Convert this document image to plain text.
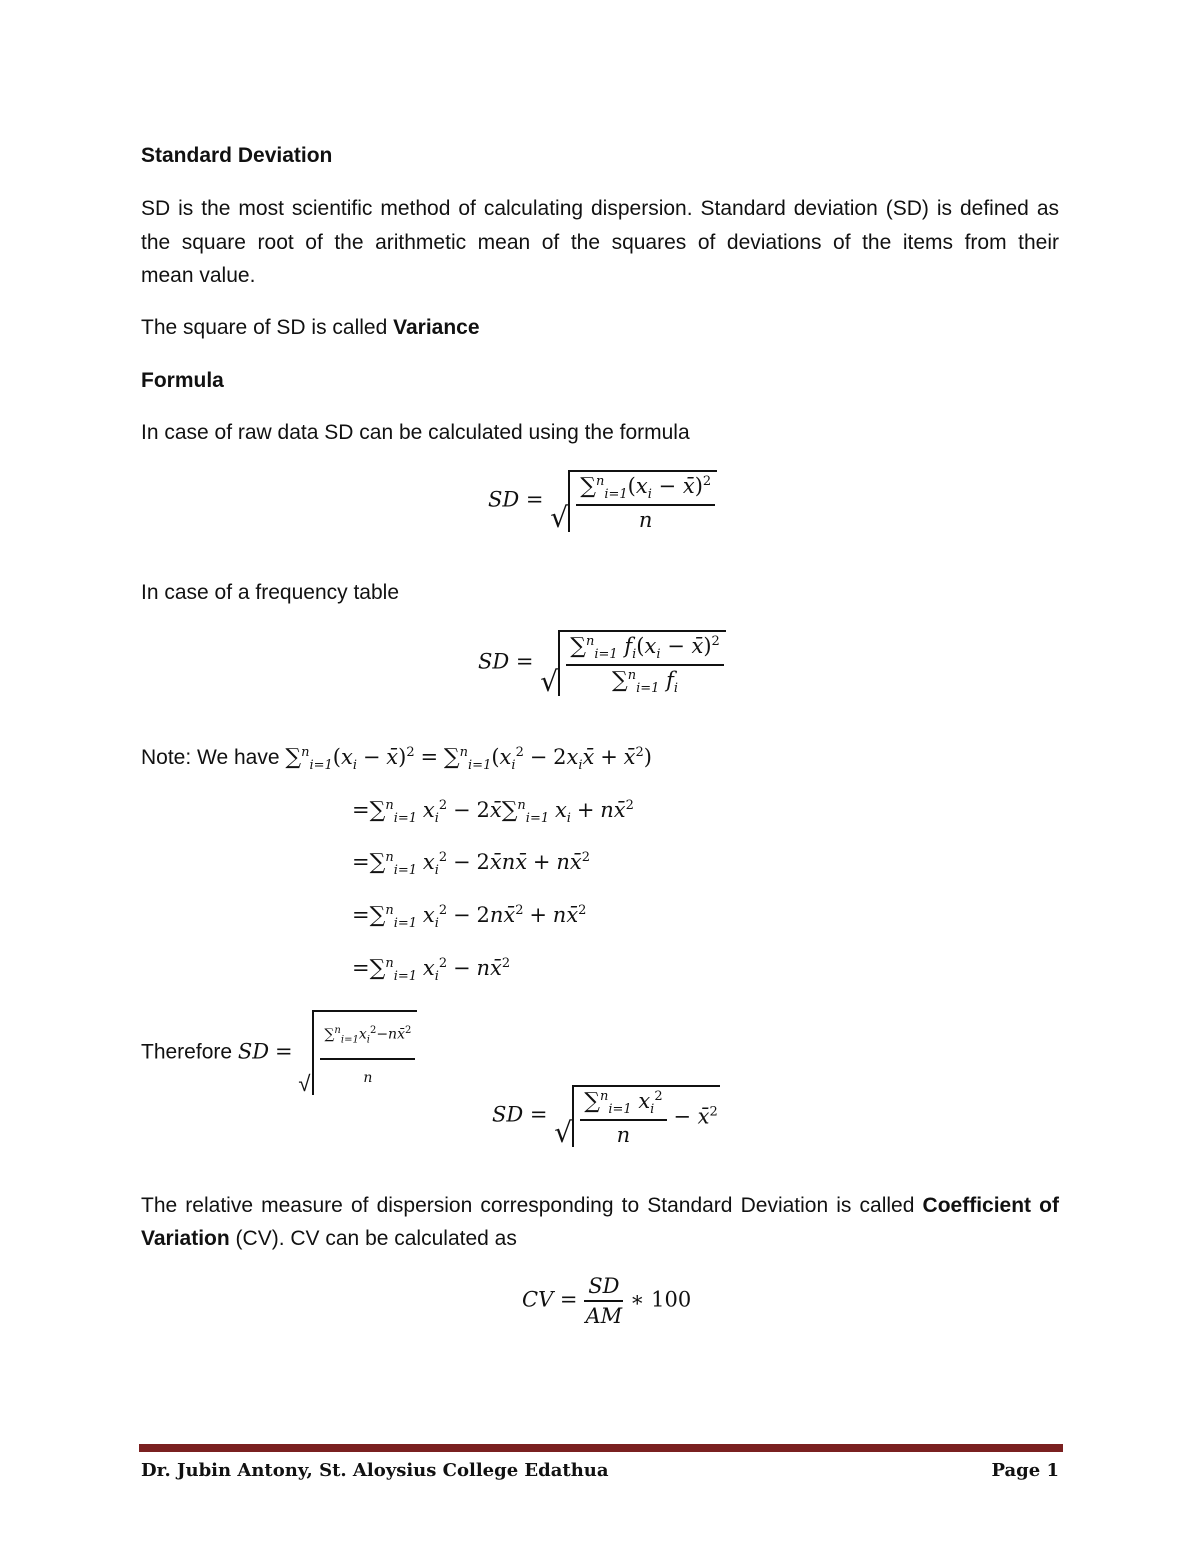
Standard Deviation
SD is the most scientific method of calculating dispersion. Standard deviation (SD) is defined as
the square root of the arithmetic mean of the squares of deviations of the items from their
mean value.
The square of SD is called Variance
Formula
In case of raw data SD can be calculated using the formula
SD =
√ $\frac{\sum^n_{i=1}(x_i - x̄)^2}{n}$
In case of a frequency table
SD =
√ $\frac{\sum^n_{i=1} f_i(x_i - x̄)^2}{\sum^n_{i=1} f_i}$
Note: We have $\sum^n_{i=1}(x_i$ − x̄)$^2$ = $\sum^n_{i=1}(x_i^2$ − $2x_ix̄$ + x̄$^2$)
=∑$^n_{i=1}$ $x_i^2$ − 2x̄∑$^n_{i=1}$ $x_i$ + nx̄$^2$
=∑$^n_{i=1}$ $x_i^2$ − 2x̄nx̄ + nx̄$^2$
=∑$^n_{i=1}$ $x_i^2$ − 2nx̄$^2$ + nx̄$^2$
=∑$^n_{i=1}$ $x_i^2$ − nx̄$^2$
Therefore SD =
√ $\frac{\sum^n_{i=1}x_i^2-nx̄^2}{n}$
SD =
√ $\frac{\sum^n_{i=1} x_i^2}{n}$ − x̄$^2$
The relative measure of dispersion corresponding to Standard Deviation is called Coefficient of
Variation (CV). CV can be calculated as
CV = $\frac{SD}{AM}$ ∗ 100
Dr. Jubin Antony, St. Aloysius College Edathua	Page 1
